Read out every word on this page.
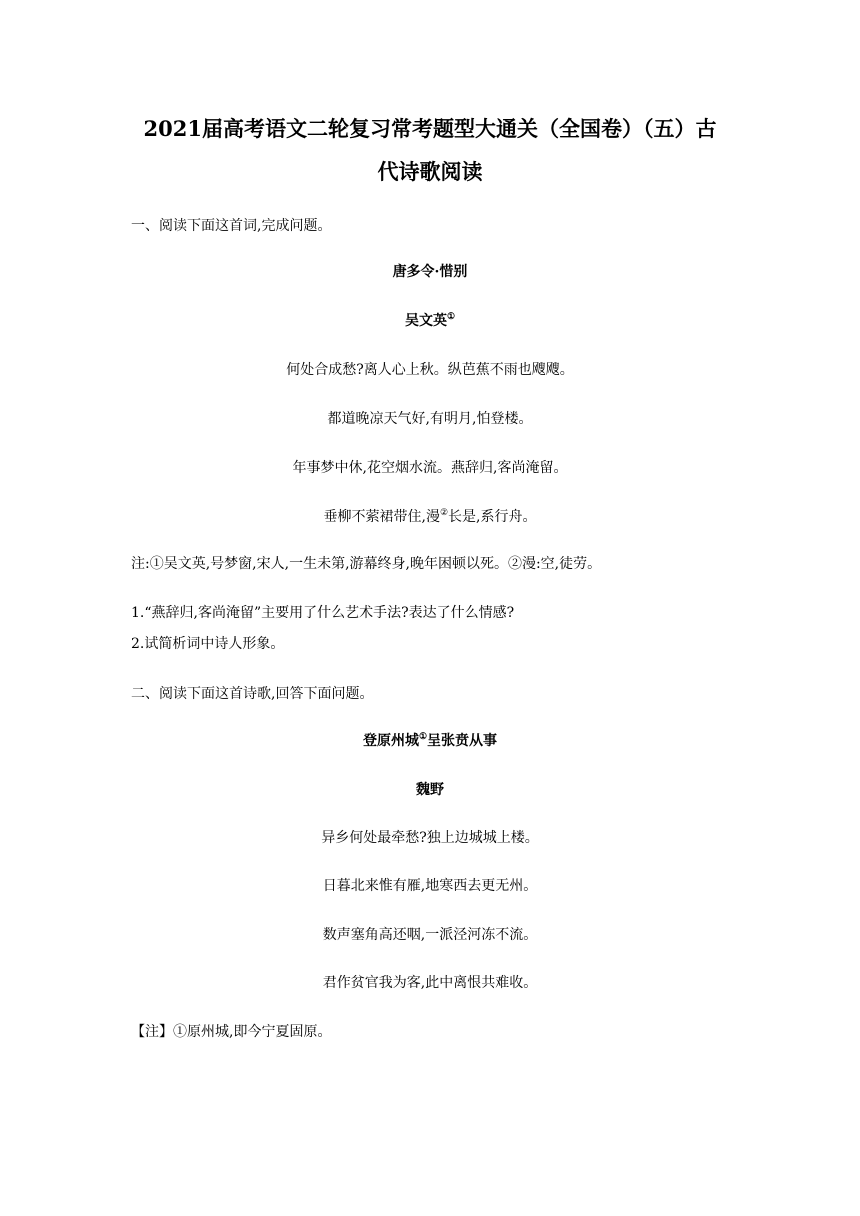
2021届高考语文二轮复习常考题型大通关（全国卷）（五）古
代诗歌阅读
一、阅读下面这首词,完成问题。
唐多令·惜别
吴文英①
何处合成愁?离人心上秋。纵芭蕉不雨也飕飕。
都道晚凉天气好,有明月,怕登楼。
年事梦中休,花空烟水流。燕辞归,客尚淹留。
垂柳不萦裙带住,漫②长是,系行舟。
注:①吴文英,号梦窗,宋人,一生未第,游幕终身,晚年困顿以死。②漫:空,徒劳。
1.“燕辞归,客尚淹留”主要用了什么艺术手法?表达了什么情感?
2.试简析词中诗人形象。
二、阅读下面这首诗歌,回答下面问题。
登原州城①呈张贲从事
魏野
异乡何处最牵愁?独上边城城上楼。
日暮北来惟有雁,地寒西去更无州。
数声塞角高还咽,一派泾河冻不流。
君作贫官我为客,此中离恨共难收。
【注】①原州城,即今宁夏固原。
